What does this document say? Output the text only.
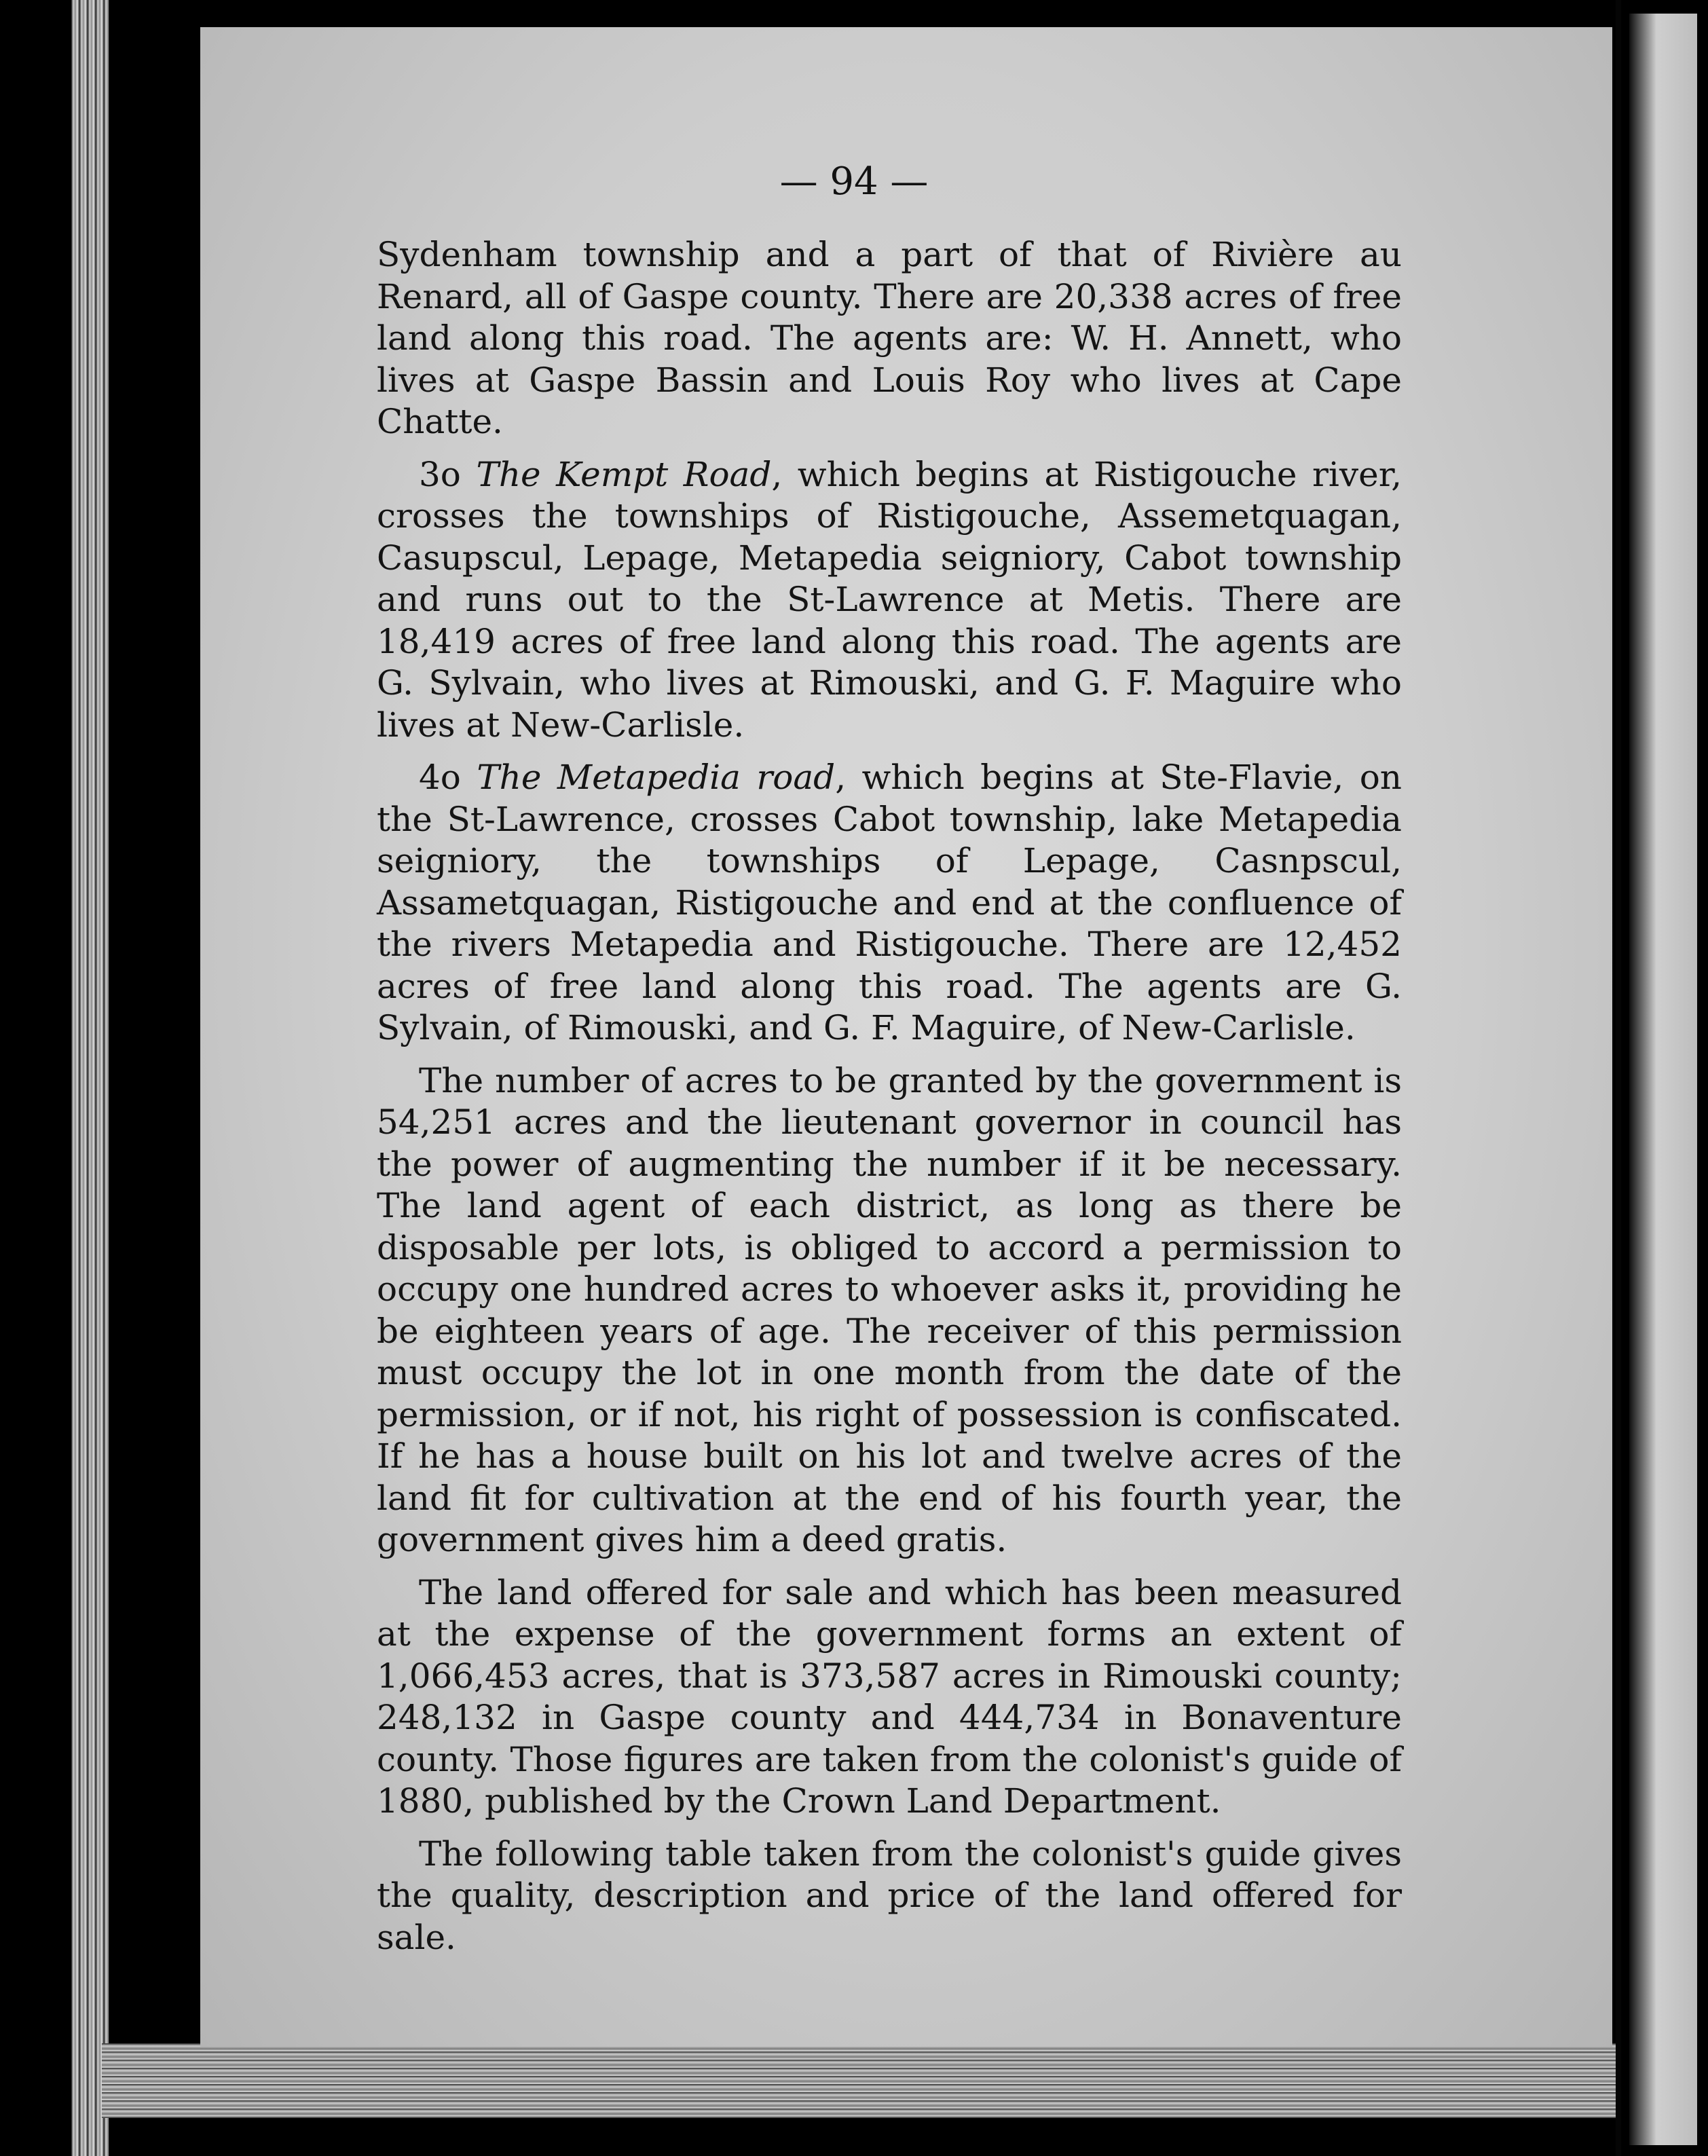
— 94 —

Sydenham township and a part of that of Rivière au Renard, all of Gaspe county. There are 20,338 acres of free land along this road. The agents are: W. H. Annett, who lives at Gaspe Bassin and Louis Roy who lives at Cape Chatte.

3o The Kempt Road, which begins at Ristigouche river, crosses the townships of Ristigouche, Assemetquagan, Casupscul, Lepage, Metapedia seigniory, Cabot township and runs out to the St-Lawrence at Metis. There are 18,419 acres of free land along this road. The agents are G. Sylvain, who lives at Rimouski, and G. F. Maguire who lives at New-Carlisle.

4o The Metapedia road, which begins at Ste-Flavie, on the St-Lawrence, crosses Cabot township, lake Metapedia seigniory, the townships of Lepage, Casnpscul, Assametquagan, Ristigouche and end at the confluence of the rivers Metapedia and Ristigouche. There are 12,452 acres of free land along this road. The agents are G. Sylvain, of Rimouski, and G. F. Maguire, of New-Carlisle.

The number of acres to be granted by the government is 54,251 acres and the lieutenant governor in council has the power of augmenting the number if it be necessary. The land agent of each district, as long as there be disposable per lots, is obliged to accord a permission to occupy one hundred acres to whoever asks it, providing he be eighteen years of age. The receiver of this permission must occupy the lot in one month from the date of the permission, or if not, his right of possession is confiscated. If he has a house built on his lot and twelve acres of the land fit for cultivation at the end of his fourth year, the government gives him a deed gratis.

The land offered for sale and which has been measured at the expense of the government forms an extent of 1,066,453 acres, that is 373,587 acres in Rimouski county; 248,132 in Gaspe county and 444,734 in Bonaventure county. Those figures are taken from the colonist's guide of 1880, published by the Crown Land Department.

The following table taken from the colonist's guide gives the quality, description and price of the land offered for sale.
